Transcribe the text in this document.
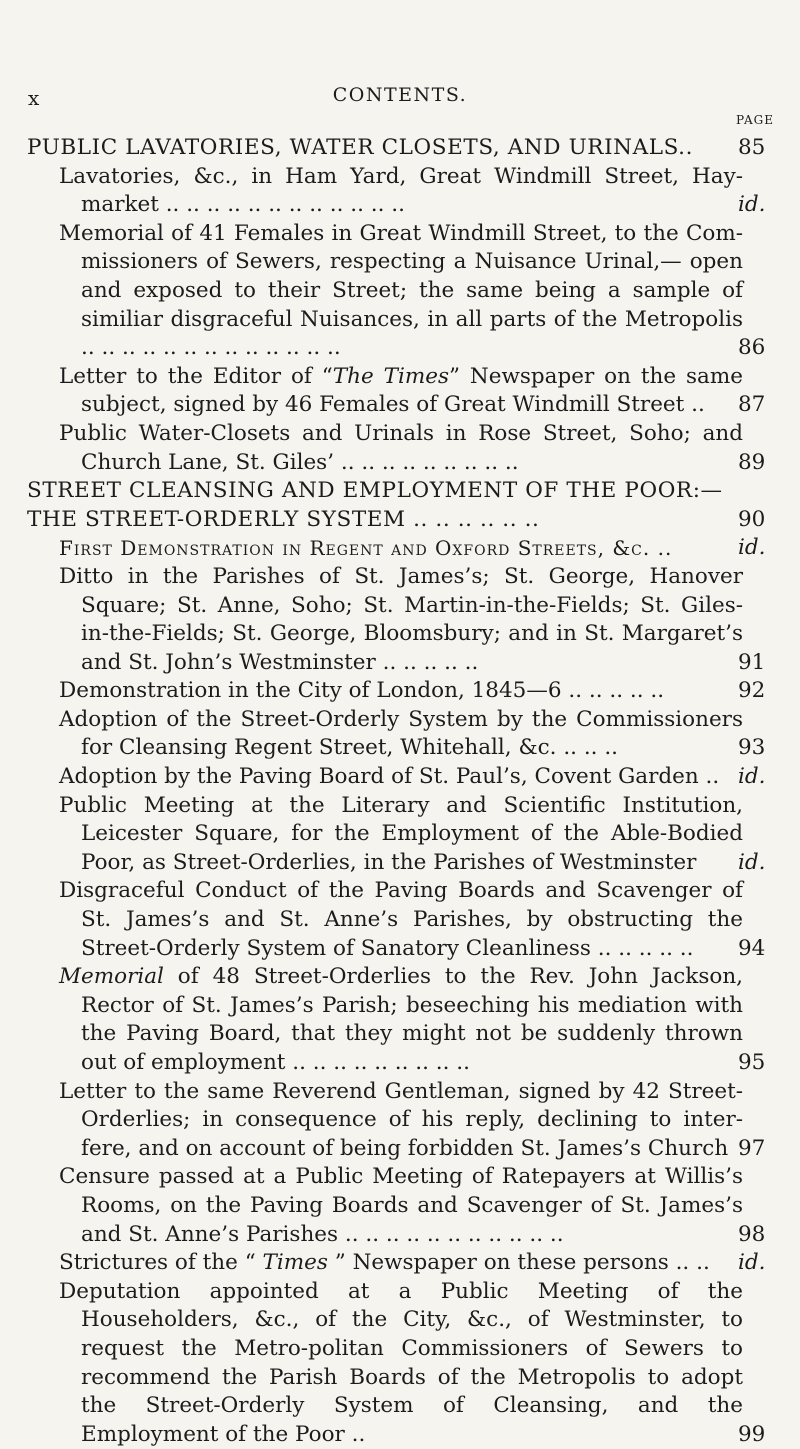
x	CONTENTS.
PAGE
PUBLIC LAVATORIES, WATER CLOSETS, AND URINALS..	85
Lavatories, &c., in Ham Yard, Great Windmill Street, Hay-market .. .. .. .. .. .. .. .. .. .. .. ..	id.
Memorial of 41 Females in Great Windmill Street, to the Com-missioners of Sewers, respecting a Nuisance Urinal,— open and exposed to their Street; the same being a sample of similiar disgraceful Nuisances, in all parts of the Metropolis .. .. .. .. .. .. .. .. .. .. .. .. ..	86
Letter to the Editor of “The Times” Newspaper on the same subject, signed by 46 Females of Great Windmill Street ..	87
Public Water-Closets and Urinals in Rose Street, Soho; and Church Lane, St. Giles’ .. .. .. .. .. .. .. .. ..	89
STREET CLEANSING AND EMPLOYMENT OF THE POOR:— THE STREET-ORDERLY SYSTEM .. .. .. .. .. ..	90
First Demonstration in Regent and Oxford Streets, &c. ..	id.
Ditto in the Parishes of St. James’s; St. George, Hanover Square; St. Anne, Soho; St. Martin-in-the-Fields; St. Giles-in-the-Fields; St. George, Bloomsbury; and in St. Margaret’s and St. John’s Westminster .. .. .. .. ..	91
Demonstration in the City of London, 1845—6 .. .. .. .. ..	92
Adoption of the Street-Orderly System by the Commissioners for Cleansing Regent Street, Whitehall, &c. .. .. ..	93
Adoption by the Paving Board of St. Paul’s, Covent Garden .. id.
Public Meeting at the Literary and Scientific Institution, Leicester Square, for the Employment of the Able-Bodied Poor, as Street-Orderlies, in the Parishes of Westminster	id.
Disgraceful Conduct of the Paving Boards and Scavenger of St. James’s and St. Anne’s Parishes, by obstructing the Street-Orderly System of Sanatory Cleanliness .. .. .. .. ..	94
Memorial of 48 Street-Orderlies to the Rev. John Jackson, Rector of St. James’s Parish; beseeching his mediation with the Paving Board, that they might not be suddenly thrown out of employment .. .. .. .. .. .. .. .. ..	95
Letter to the same Reverend Gentleman, signed by 42 Street-Orderlies; in consequence of his reply, declining to inter-fere, and on account of being forbidden St. James’s Church 97
Censure passed at a Public Meeting of Ratepayers at Willis’s Rooms, on the Paving Boards and Scavenger of St. James’s and St. Anne’s Parishes .. .. .. .. .. .. .. .. .. .. ..	98
Strictures of the “ Times ” Newspaper on these persons .. ..	id.
Deputation appointed at a Public Meeting of the Householders, &c., of the City, &c., of Westminster, to request the Metro-politan Commissioners of Sewers to recommend the Parish Boards of the Metropolis to adopt the Street-Orderly System of Cleansing, and the Employment of the Poor ..	99
